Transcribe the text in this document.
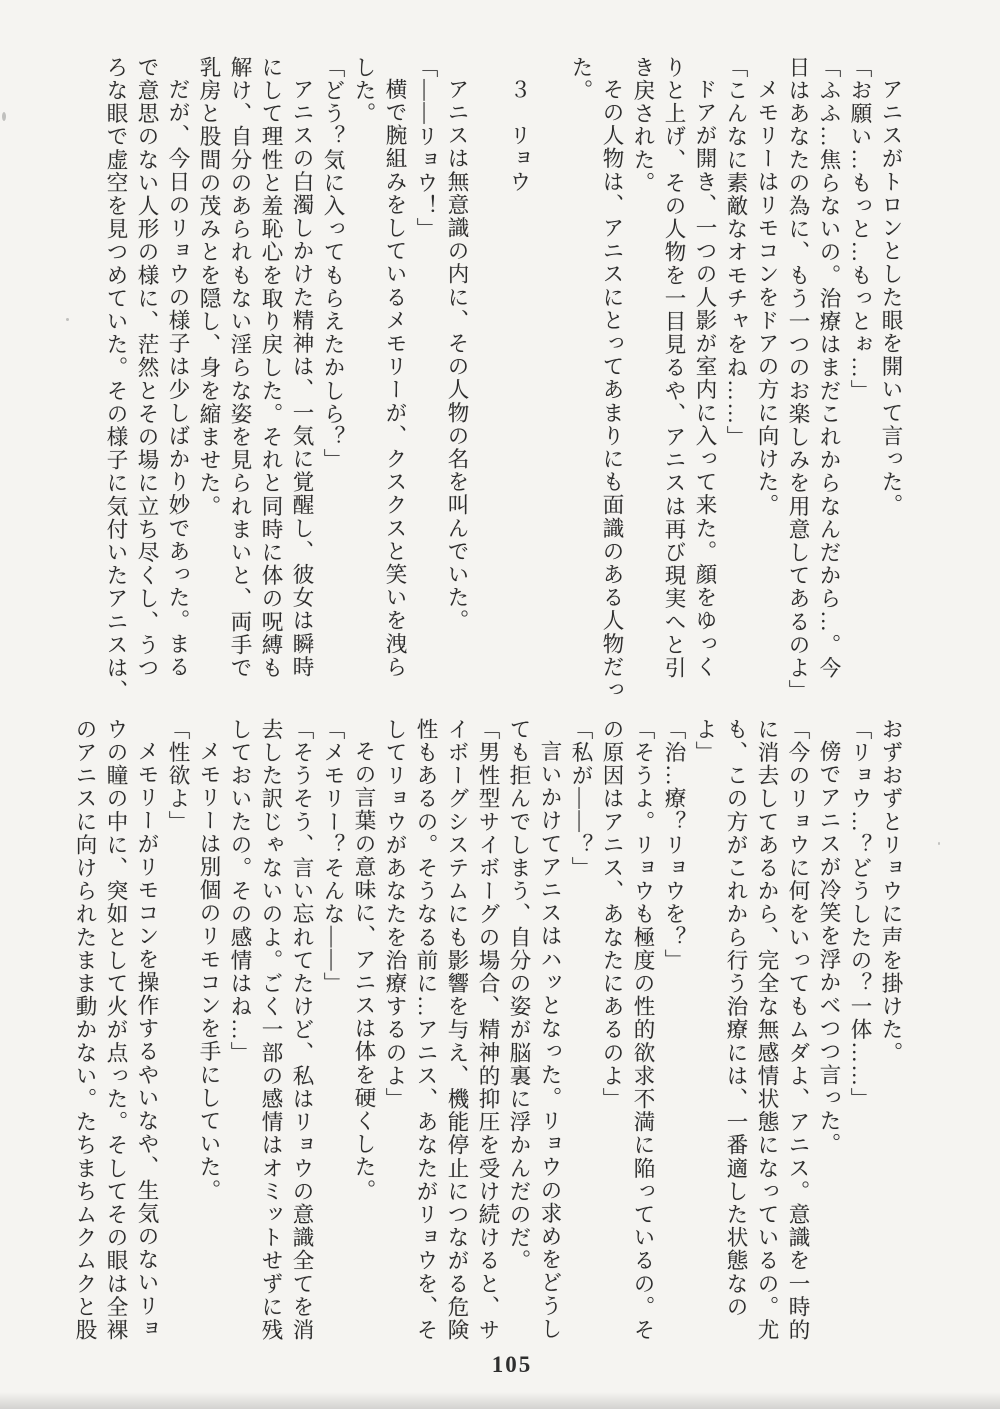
アニスがトロンとした眼を開いて言った。
「お願い…もっと…もっとぉ…」
「ふふ…焦らないの。治療はまだこれからなんだから…。今
日はあなたの為に、もう一つのお楽しみを用意してあるのよ」
メモリーはリモコンをドアの方に向けた。
「こんなに素敵なオモチャをね……」
ドアが開き、一つの人影が室内に入って来た。顔をゆっく
りと上げ、その人物を一目見るや、アニスは再び現実へと引
き戻された。
その人物は、アニスにとってあまりにも面識のある人物だっ
た。
３　リョウ
アニスは無意識の内に、その人物の名を叫んでいた。
「――リョウ！」
横で腕組みをしているメモリーが、クスクスと笑いを洩ら
した。
「どう？気に入ってもらえたかしら？」
アニスの白濁しかけた精神は、一気に覚醒し、彼女は瞬時
にして理性と羞恥心を取り戻した。それと同時に体の呪縛も
解け、自分のあられもない淫らな姿を見られまいと、両手で
乳房と股間の茂みとを隠し、身を縮ませた。
だが、今日のリョウの様子は少しばかり妙であった。まる
で意思のない人形の様に、茫然とその場に立ち尽くし、うつ
ろな眼で虚空を見つめていた。その様子に気付いたアニスは、
おずおずとリョウに声を掛けた。
「リョウ…？どうしたの？一体……」
傍でアニスが冷笑を浮かべつつ言った。
「今のリョウに何をいってもムダよ、アニス。意識を一時的
に消去してあるから、完全な無感情状態になっているの。尤
も、この方がこれから行う治療には、一番適した状態なのよ」
「治…療？リョウを？」
「そうよ。リョウも極度の性的欲求不満に陥っているの。そ
の原因はアニス、あなたにあるのよ」
「私が――？」
言いかけてアニスはハッとなった。リョウの求めをどうし
ても拒んでしまう、自分の姿が脳裏に浮かんだのだ。
「男性型サイボーグの場合、精神的抑圧を受け続けると、サ
イボーグシステムにも影響を与え、機能停止につながる危険
性もあるの。そうなる前に…アニス、あなたがリョウを、そ
してリョウがあなたを治療するのよ」
その言葉の意味に、アニスは体を硬くした。
「メモリー？そんな――」
「そうそう、言い忘れてたけど、私はリョウの意識全てを消
去した訳じゃないのよ。ごく一部の感情はオミットせずに残
しておいたの。その感情はね…」
メモリーは別個のリモコンを手にしていた。
「性欲よ」
メモリーがリモコンを操作するやいなや、生気のないリョ
ウの瞳の中に、突如として火が点った。そしてその眼は全裸
のアニスに向けられたまま動かない。たちまちムクムクと股
105
